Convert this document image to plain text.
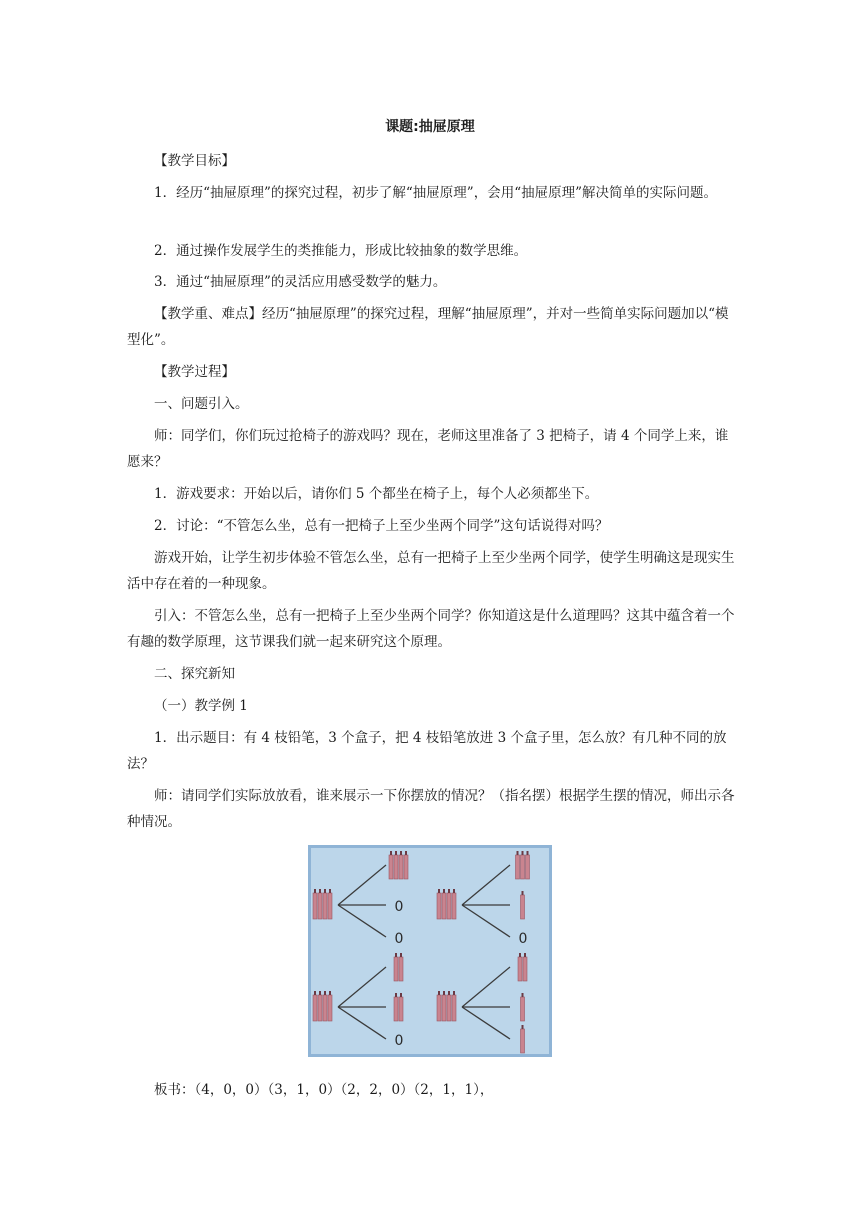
课题:抽屉原理

【教学目标】

1．经历“抽屉原理”的探究过程，初步了解“抽屉原理”，会用“抽屉原理”解决简单的实际问题。

2．通过操作发展学生的类推能力，形成比较抽象的数学思维。

3．通过“抽屉原理”的灵活应用感受数学的魅力。

【教学重、难点】经历“抽屉原理”的探究过程，理解“抽屉原理”，并对一些简单实际问题加以“模型化”。

【教学过程】

一、问题引入。

师：同学们，你们玩过抢椅子的游戏吗？现在，老师这里准备了 3 把椅子，请 4 个同学上来，谁愿来？

1．游戏要求：开始以后，请你们 5 个都坐在椅子上，每个人必须都坐下。

2．讨论：“不管怎么坐，总有一把椅子上至少坐两个同学”这句话说得对吗？

游戏开始，让学生初步体验不管怎么坐，总有一把椅子上至少坐两个同学，使学生明确这是现实生活中存在着的一种现象。

引入：不管怎么坐，总有一把椅子上至少坐两个同学？你知道这是什么道理吗？这其中蕴含着一个有趣的数学原理，这节课我们就一起来研究这个原理。

二、探究新知

（一）教学例 1

1．出示题目：有 4 枝铅笔，3 个盒子，把 4 枝铅笔放进 3 个盒子里，怎么放？有几种不同的放法？

师：请同学们实际放放看，谁来展示一下你摆放的情况？（指名摆）根据学生摆的情况，师出示各种情况。

0
0	0
0

板书：（4，0，0）（3，1，0）（2，2，0）（2，1，1），
